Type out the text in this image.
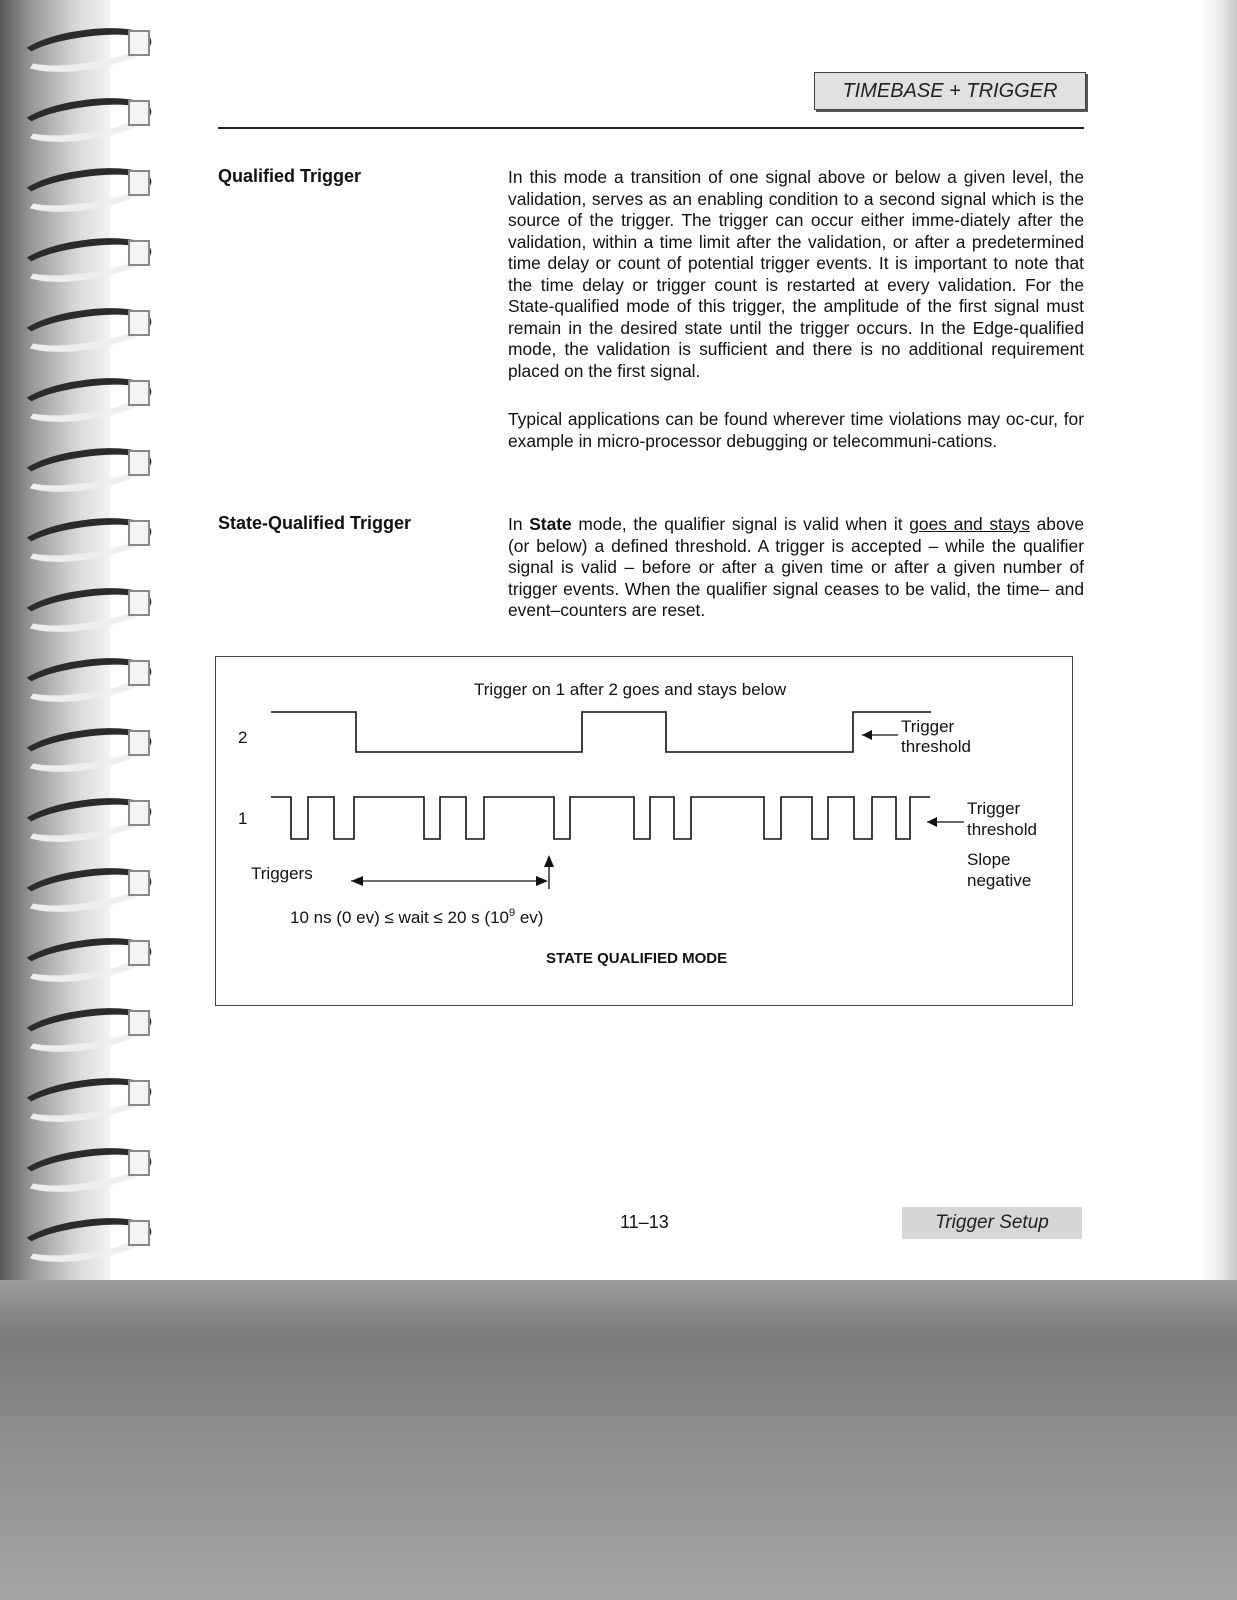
TIMEBASE + TRIGGER
Qualified Trigger	In this mode a transition of one signal above or below a given level, the validation, serves as an enabling condition to a second signal which is the source of the trigger. The trigger can occur either imme-diately after the validation, within a time limit after the validation, or after a predetermined time delay or count of potential trigger events. It is important to note that the time delay or trigger count is restarted at every validation. For the State-qualified mode of this trigger, the amplitude of the first signal must remain in the desired state until the trigger occurs. In the Edge-qualified mode, the validation is sufficient and there is no additional requirement placed on the first signal.
Typical applications can be found wherever time violations may oc-cur, for example in micro-processor debugging or telecommuni-cations.
State-Qualified Trigger	In State mode, the qualifier signal is valid when it goes and stays above (or below) a defined threshold. A trigger is accepted – while the qualifier signal is valid – before or after a given time or after a given number of trigger events. When the qualifier signal ceases to be valid, the time– and event–counters are reset.
Trigger on 1 after 2 goes and stays below
2
Trigger
threshold
1
Trigger
threshold
Slope
negative
Triggers
10 ns (0 ev) ≤ wait ≤ 20 s ($10^9$ ev)
STATE QUALIFIED MODE
11–13	Trigger Setup
